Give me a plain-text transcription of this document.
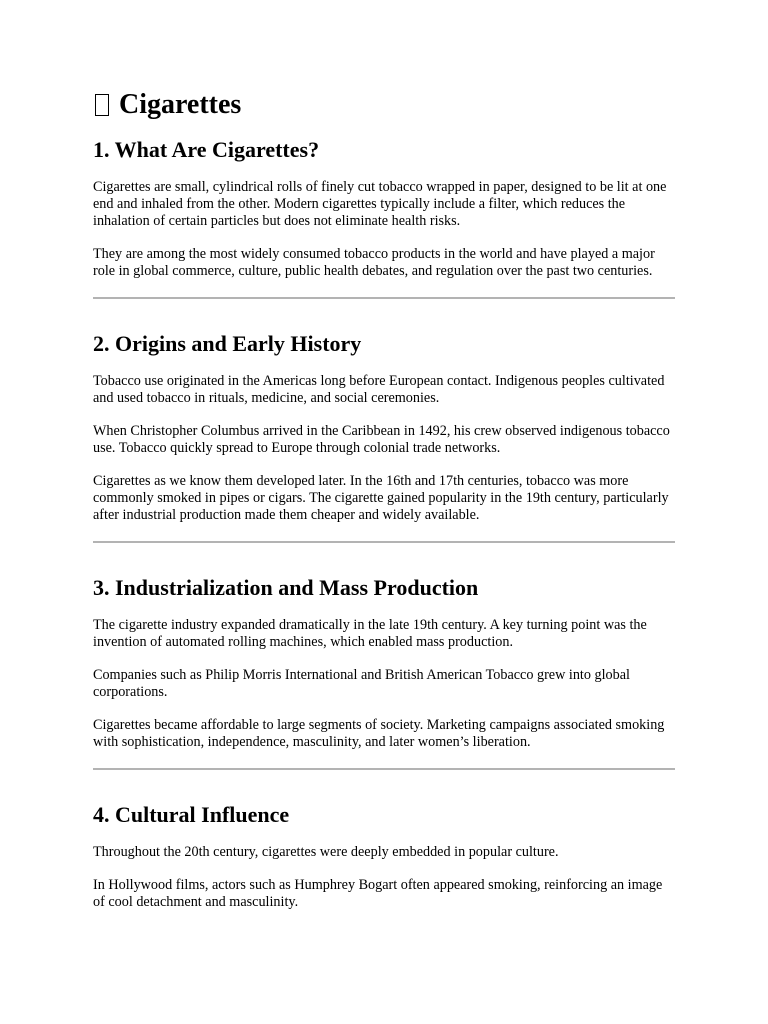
Cigarettes
1. What Are Cigarettes?

Cigarettes are small, cylindrical rolls of finely cut tobacco wrapped in paper, designed to be lit at one end and inhaled from the other. Modern cigarettes typically include a filter, which reduces the inhalation of certain particles but does not eliminate health risks.

They are among the most widely consumed tobacco products in the world and have played a major role in global commerce, culture, public health debates, and regulation over the past two centuries.

2. Origins and Early History

Tobacco use originated in the Americas long before European contact. Indigenous peoples cultivated and used tobacco in rituals, medicine, and social ceremonies.

When Christopher Columbus arrived in the Caribbean in 1492, his crew observed indigenous tobacco use. Tobacco quickly spread to Europe through colonial trade networks.

Cigarettes as we know them developed later. In the 16th and 17th centuries, tobacco was more commonly smoked in pipes or cigars. The cigarette gained popularity in the 19th century, particularly after industrial production made them cheaper and widely available.

3. Industrialization and Mass Production

The cigarette industry expanded dramatically in the late 19th century. A key turning point was the invention of automated rolling machines, which enabled mass production.

Companies such as Philip Morris International and British American Tobacco grew into global corporations.

Cigarettes became affordable to large segments of society. Marketing campaigns associated smoking with sophistication, independence, masculinity, and later women’s liberation.

4. Cultural Influence

Throughout the 20th century, cigarettes were deeply embedded in popular culture.

In Hollywood films, actors such as Humphrey Bogart often appeared smoking, reinforcing an image of cool detachment and masculinity.
